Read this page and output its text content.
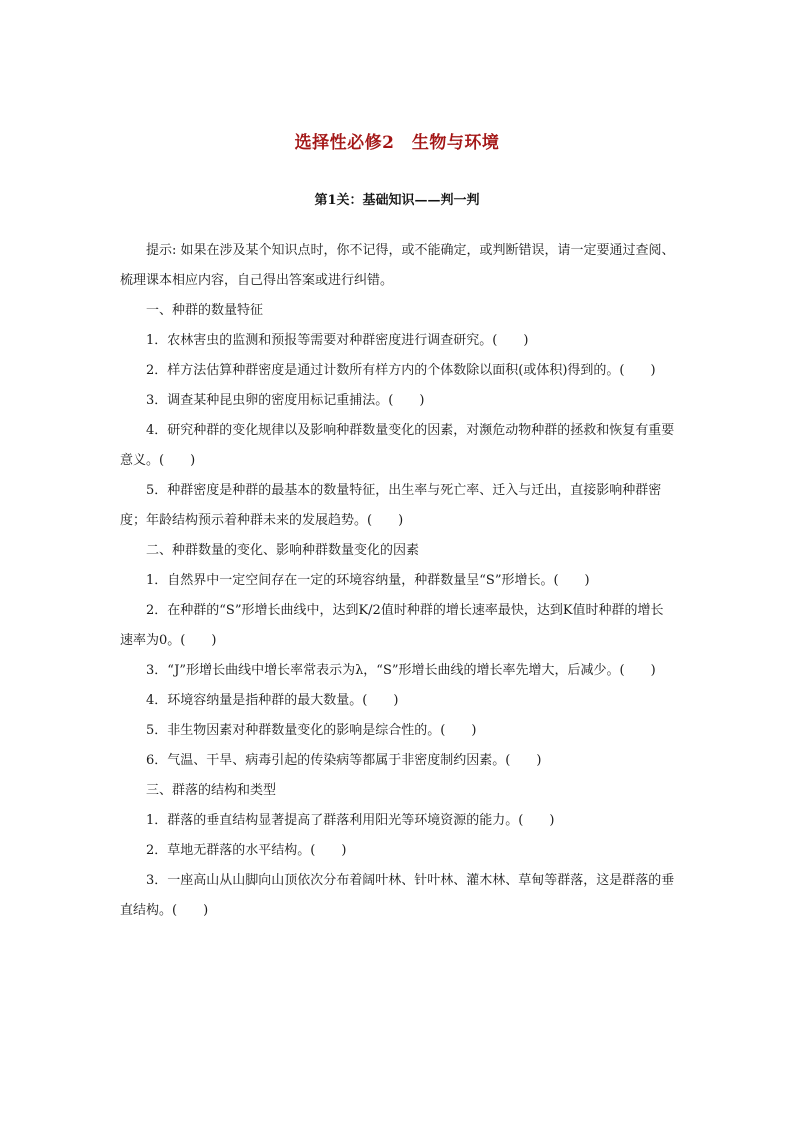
选择性必修2　生物与环境
第1关：基础知识——判一判

提示: 如果在涉及某个知识点时，你不记得，或不能确定，或判断错误，请一定要通过查阅、梳理课本相应内容，自己得出答案或进行纠错。

一、种群的数量特征

1．农林害虫的监测和预报等需要对种群密度进行调查研究。(　　)

2．样方法估算种群密度是通过计数所有样方内的个体数除以面积(或体积)得到的。(　　)

3．调查某种昆虫卵的密度用标记重捕法。(　　)

4．研究种群的变化规律以及影响种群数量变化的因素，对濒危动物种群的拯救和恢复有重要意义。(　　)

5．种群密度是种群的最基本的数量特征，出生率与死亡率、迁入与迁出，直接影响种群密度；年龄结构预示着种群未来的发展趋势。(　　)

二、种群数量的变化、影响种群数量变化的因素

1．自然界中一定空间存在一定的环境容纳量，种群数量呈“S”形增长。(　　)

2．在种群的“S”形增长曲线中，达到K/2值时种群的增长速率最快，达到K值时种群的增长速率为0。(　　)

3．“J”形增长曲线中增长率常表示为λ，“S”形增长曲线的增长率先增大，后减少。(　　)

4．环境容纳量是指种群的最大数量。(　　)

5．非生物因素对种群数量变化的影响是综合性的。(　　)

6．气温、干旱、病毒引起的传染病等都属于非密度制约因素。(　　)

三、群落的结构和类型

1．群落的垂直结构显著提高了群落利用阳光等环境资源的能力。(　　)

2．草地无群落的水平结构。(　　)

3．一座高山从山脚向山顶依次分布着阔叶林、针叶林、灌木林、草甸等群落，这是群落的垂直结构。(　　)
